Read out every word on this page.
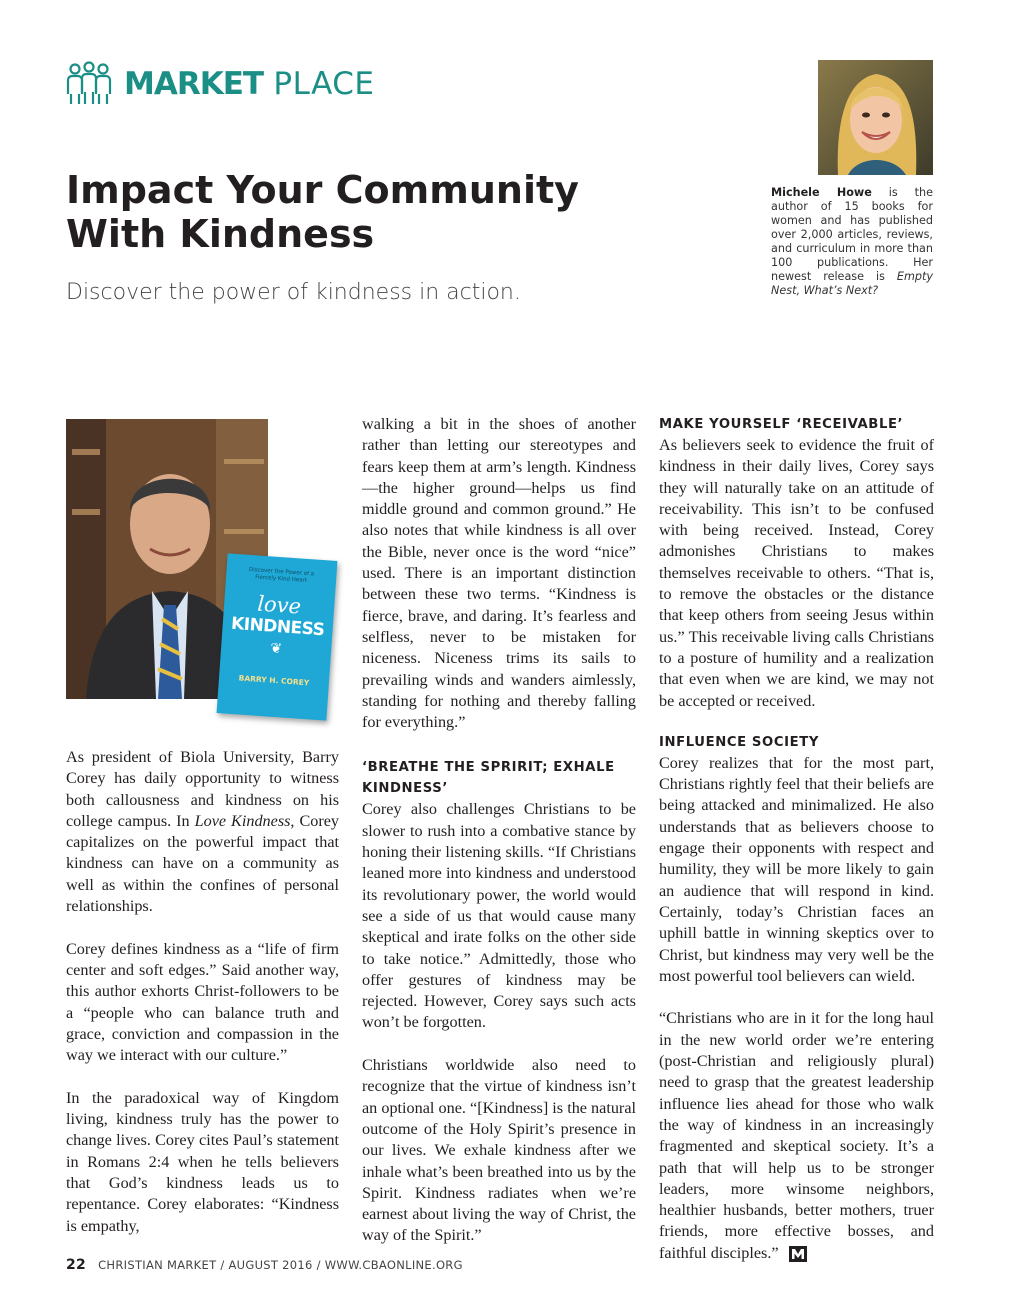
MARKET PLACE
Impact Your Community With Kindness
Discover the power of kindness in action.
Michele Howe is the author of 15 books for women and has published over 2,000 articles, reviews, and curriculum in more than 100 publications. Her newest release is Empty Nest, What’s Next?
Discover the Power of a Fiercely Kind Heart
love
KINDNESS
❦
BARRY H. COREY

As president of Biola University, Barry Corey has daily opportunity to witness both callousness and kindness on his college campus. In Love Kindness, Corey capitalizes on the powerful impact that kindness can have on a community as well as within the confines of personal relationships.

Corey defines kindness as a “life of firm center and soft edges.” Said another way, this author exhorts Christ-followers to be a “people who can balance truth and grace, conviction and compassion in the way we interact with our culture.”

In the paradoxical way of Kingdom living, kindness truly has the power to change lives. Corey cites Paul’s statement in Romans 2:4 when he tells believers that God’s kindness leads us to repentance. Corey elaborates: “Kindness is empathy,

walking a bit in the shoes of another rather than letting our stereotypes and fears keep them at arm’s length. Kindness—the higher ground—helps us find middle ground and common ground.” He also notes that while kindness is all over the Bible, never once is the word “nice” used. There is an important distinction between these two terms. “Kindness is fierce, brave, and daring. It’s fearless and selfless, never to be mistaken for niceness. Niceness trims its sails to prevailing winds and wanders aimlessly, standing for nothing and thereby falling for everything.”

‘BREATHE THE SPRIRIT; EXHALE KINDNESS’
Corey also challenges Christians to be slower to rush into a combative stance by honing their listening skills. “If Christians leaned more into kindness and understood its revolutionary power, the world would see a side of us that would cause many skeptical and irate folks on the other side to take notice.” Admittedly, those who offer gestures of kindness may be rejected. However, Corey says such acts won’t be forgotten.

Christians worldwide also need to recognize that the virtue of kindness isn’t an optional one. “[Kindness] is the natural outcome of the Holy Spirit’s presence in our lives. We exhale kindness after we inhale what’s been breathed into us by the Spirit. Kindness radiates when we’re earnest about living the way of Christ, the way of the Spirit.”

MAKE YOURSELF ‘RECEIVABLE’
As believers seek to evidence the fruit of kindness in their daily lives, Corey says they will naturally take on an attitude of receivability. This isn’t to be confused with being received. Instead, Corey admonishes Christians to makes themselves receivable to others. “That is, to remove the obstacles or the distance that keep others from seeing Jesus within us.” This receivable living calls Christians to a posture of humility and a realization that even when we are kind, we may not be accepted or received.

INFLUENCE SOCIETY
Corey realizes that for the most part, Christians rightly feel that their beliefs are being attacked and minimalized. He also understands that as believers choose to engage their opponents with respect and humility, they will be more likely to gain an audience that will respond in kind. Certainly, today’s Christian faces an uphill battle in winning skeptics over to Christ, but kindness may very well be the most powerful tool believers can wield.

“Christians who are in it for the long haul in the new world order we’re entering (post-Christian and religiously plural) need to grasp that the greatest leadership influence lies ahead for those who walk the way of kindness in an increasingly fragmented and skeptical society. It’s a path that will help us to be stronger leaders, more winsome neighbors, healthier husbands, better mothers, truer friends, more effective bosses, and faithful disciples.”

22 CHRISTIAN MARKET / AUGUST 2016 / WWW.CBAONLINE.ORG
